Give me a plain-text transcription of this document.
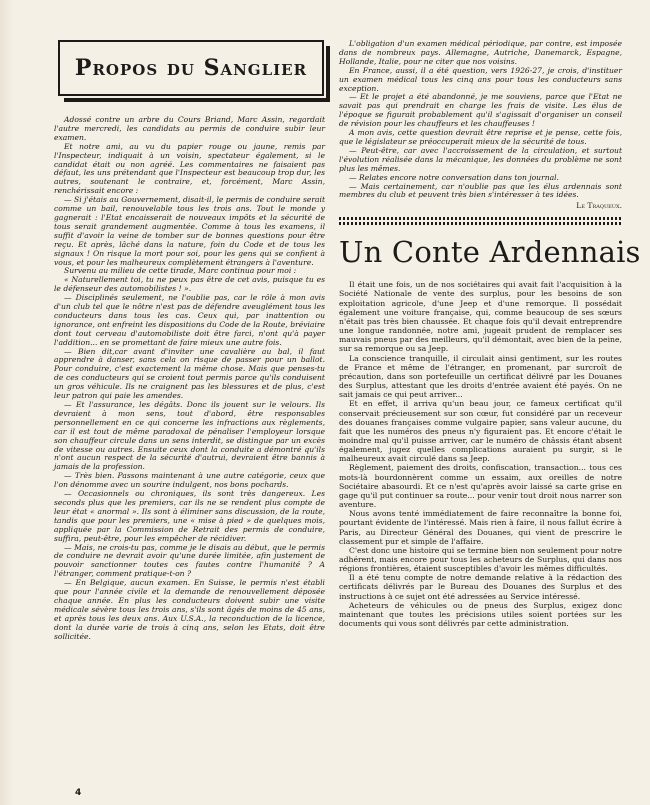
Propos du Sanglier

Adossé contre un arbre du Cours Briand, Marc Assin, regardait l'autre mercredi, les candidats au permis de conduire subir leur examen.

Et notre ami, au vu du papier rouge ou jaune, remis par l'Inspecteur, indiquait à un voisin, spectateur également, si le candidat était ou non agréé. Les commentaires ne faisaient pas défaut, les uns prétendant que l'Inspecteur est beaucoup trop dur, les autres, soutenant le contraire, et, forcément, Marc Assin, renchérissait encore :

— Si j'étais au Gouvernement, disait-il, le permis de conduire serait comme un bail, renouvelable tous les trois ans. Tout le monde y gagnerait : l'Etat encaisserait de nouveaux impôts et la sécurité de tous serait grandement augmentée. Comme à tous les examens, il suffit d'avoir la veine de tomber sur de bonnes questions pour être reçu. Et après, lâché dans la nature, foin du Code et de tous les signaux ! On risque la mort pour soi, pour les gens qui se confient à vous, et pour les malheureux complètement étrangers à l'aventure.

Survenu au milieu de cette tirade, Marc continua pour moi :

« Naturellement toi, tu ne peux pas être de cet avis, puisque tu es le défenseur des automobilistes ! ».

— Disciplinés seulement, ne l'oublie pas, car le rôle à mon avis d'un club tel que le nôtre n'est pas de défendre aveuglément tous les conducteurs dans tous les cas. Ceux qui, par inattention ou ignorance, ont enfreint les dispositions du Code de la Route, bréviaire dont tout cerveau d'automobiliste doit être farci, n'ont qu'à payer l'addition... en se promettant de faire mieux une autre fois.

— Bien dit,car avant d'inviter une cavalière au bal, il faut apprendre à danser, sans cela on risque de passer pour un ballot. Pour conduire, c'est exactement la même chose. Mais que penses-tu de ces conducteurs qui se croient tout permis parce qu'ils conduisent un gros véhicule. Ils ne craignent pas les blessures et de plus, c'est leur patron qui paie les amendes.

— Et l'assurance, les dégâts. Donc ils jouent sur le velours. Ils devraient à mon sens, tout d'abord, être responsables personnellement en ce qui concerne les infractions aux règlements, car il est tout de même paradoxal de pénaliser l'employeur lorsque son chauffeur circule dans un sens interdit, se distingue par un excès de vitesse ou autres. Ensuite ceux dont la conduite a démontré qu'ils n'ont aucun respect de la sécurité d'autrui, devraient être bannis à jamais de la profession.

— Très bien. Passons maintenant à une autre catégorie, ceux que l'on dénomme avec un sourire indulgent, nos bons pochards.

— Occasionnels ou chroniques, ils sont très dangereux. Les seconds plus que les premiers, car ils ne se rendent plus compte de leur état « anormal ». Ils sont à éliminer sans discussion, de la route, tandis que pour les premiers, une « mise à pied » de quelques mois, appliquée par la Commission de Retrait des permis de conduire, suffira, peut-être, pour les empêcher de récidiver.

— Mais, ne crois-tu pas, comme je le disais au début, que le permis de conduire ne devrait avoir qu'une durée limitée, afin justement de pouvoir sanctionner toutes ces fautes contre l'humanité ? A l'étranger, comment pratique-t-on ?

— En Belgique, aucun examen. En Suisse, le permis n'est établi que pour l'année civile et la demande de renouvellement déposée chaque année. En plus les conducteurs doivent subir une visite médicale sévère tous les trois ans, s'ils sont âgés de moins de 45 ans, et après tous les deux ans. Aux U.S.A., la reconduction de la licence, dont la durée varie de trois à cinq ans, selon les Etats, doit être sollicitée.

L'obligation d'un examen médical périodique, par contre, est imposée dans de nombreux pays. Allemagne, Autriche, Danemarck, Espagne, Hollande, Italie, pour ne citer que nos voisins.

En France, aussi, il a été question, vers 1926-27, je crois, d'instituer un examen médical tous les cinq ans pour tous les conducteurs sans exception.

— Et le projet a été abandonné, je me souviens, parce que l'Etat ne savait pas qui prendrait en charge les frais de visite. Les élus de l'époque se figurait probablement qu'il s'agissait d'organiser un conseil de révision pour les chauffeurs et les chauffeuses !

A mon avis, cette question devrait être reprise et je pense, cette fois, que le législateur se préoccuperait mieux de la sécurité de tous.

— Peut-être, car avec l'accroissement de la circulation, et surtout l'évolution réalisée dans la mécanique, les données du problème ne sont plus les mêmes.

— Relates encore notre conversation dans ton journal.

— Mais certainement, car n'oublie pas que les élus ardennais sont membres du club et peuvent très bien s'intéresser à tes idées.

Le Traqueux.
Un Conte Ardennais

Il était une fois, un de nos sociétaires qui avait fait l'acquisition à la Société Nationale de vente des surplus, pour les besoins de son exploitation agricole, d'une Jeep et d'une remorque. Il possédait également une voiture française, qui, comme beaucoup de ses sœurs n'était pas très bien chaussée. Et chaque fois qu'il devait entreprendre une longue randonnée, notre ami, jugeait prudent de remplacer ses mauvais pneus par des meilleurs, qu'il démontait, avec bien de la peine, sur sa remorque ou sa Jeep.

La conscience tranquille, il circulait ainsi gentiment, sur les routes de France et même de l'étranger, en promenant, par surcroît de précaution, dans son portefeuille un certificat délivré par les Douanes des Surplus, attestant que les droits d'entrée avaient été payés. On ne sait jamais ce qui peut arriver...

Et en effet, il arriva qu'un beau jour, ce fameux certificat qu'il conservait précieusement sur son cœur, fut considéré par un receveur des douanes françaises comme vulgaire papier, sans valeur aucune, du fait que les numéros des pneus n'y figuraient pas. Et encore c'était le moindre mal qu'il puisse arriver, car le numéro de châssis étant absent également, jugez quelles complications auraient pu surgir, si le malheureux avait circulé dans sa Jeep.

Règlement, paiement des droits, confiscation, transaction... tous ces mots-là bourdonnèrent comme un essaim, aux oreilles de notre Sociétaire abasourdi. Et ce n'est qu'après avoir laissé sa carte grise en gage qu'il put continuer sa route... pour venir tout droit nous narrer son aventure.

Nous avons tenté immédiatement de faire reconnaître la bonne foi, pourtant évidente de l'intéressé. Mais rien à faire, il nous fallut écrire à Paris, au Directeur Général des Douanes, qui vient de prescrire le classement pur et simple de l'affaire.

C'est donc une histoire qui se termine bien non seulement pour notre adhérent, mais encore pour tous les acheteurs de Surplus, qui dans nos régions frontières, étaient susceptibles d'avoir les mêmes difficultés.

Il a été tenu compte de notre demande relative à la rédaction des certificats délivrés par le Bureau des Douanes des Surplus et des instructions à ce sujet ont été adressées au Service intéressé.

Acheteurs de véhicules ou de pneus des Surplus, exigez donc maintenant que toutes les précisions utiles soient portées sur les documents qui vous sont délivrés par cette administration.

4
